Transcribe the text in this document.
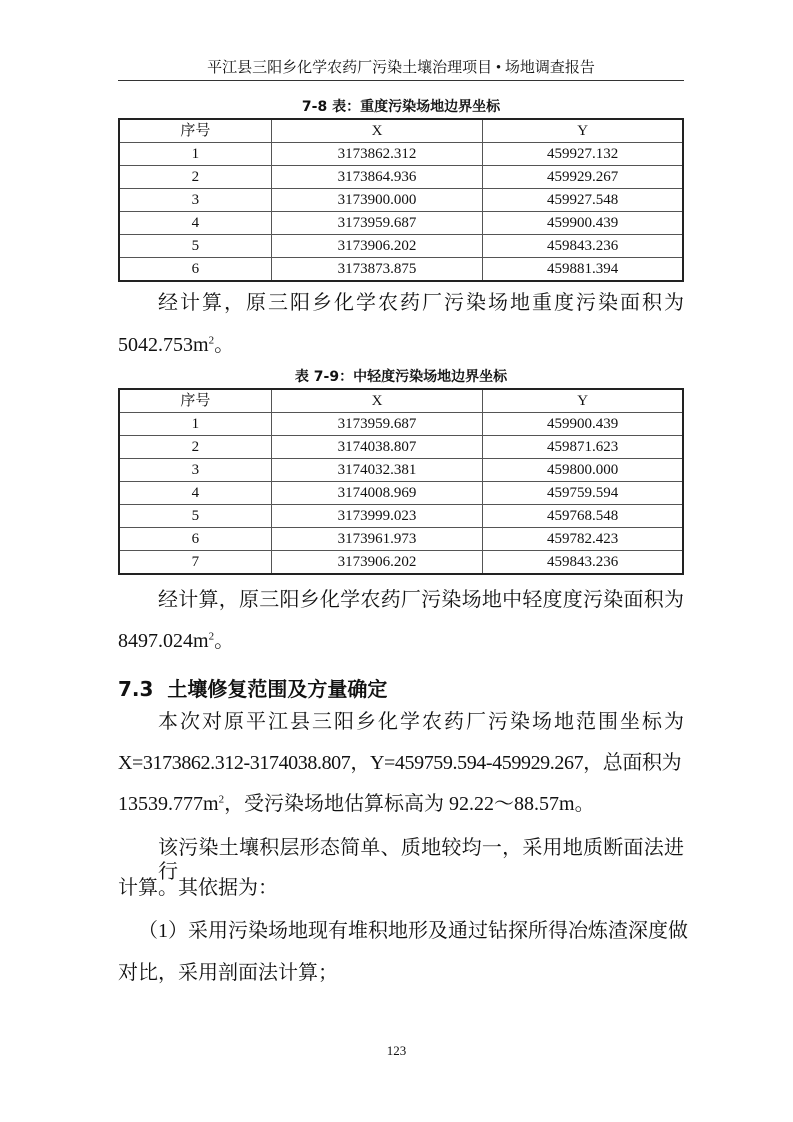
平江县三阳乡化学农药厂污染土壤治理项目 • 场地调查报告
7-8 表：重度污染场地边界坐标
序号	X	Y
1	3173862.312	459927.132
2	3173864.936	459929.267
3	3173900.000	459927.548
4	3173959.687	459900.439
5	3173906.202	459843.236
6	3173873.875	459881.394
经计算，原三阳乡化学农药厂污染场地重度污染面积为
$5042.753m^2$。
表 7-9：中轻度污染场地边界坐标
序号	X	Y
1	3173959.687	459900.439
2	3174038.807	459871.623
3	3174032.381	459800.000
4	3174008.969	459759.594
5	3173999.023	459768.548
6	3173961.973	459782.423
7	3173906.202	459843.236
经计算，原三阳乡化学农药厂污染场地中轻度度污染面积为
$8497.024m^2$。
7.3 土壤修复范围及方量确定
本次对原平江县三阳乡化学农药厂污染场地范围坐标为
X=3173862.312-3174038.807，Y=459759.594-459929.267，总面积为
$13539.777m^2$，受污染场地估算标高为 92.22～88.57m。
该污染土壤积层形态简单、质地较均一，采用地质断面法进行
计算。其依据为：
（1）采用污染场地现有堆积地形及通过钻探所得冶炼渣深度做
对比，采用剖面法计算；
123
